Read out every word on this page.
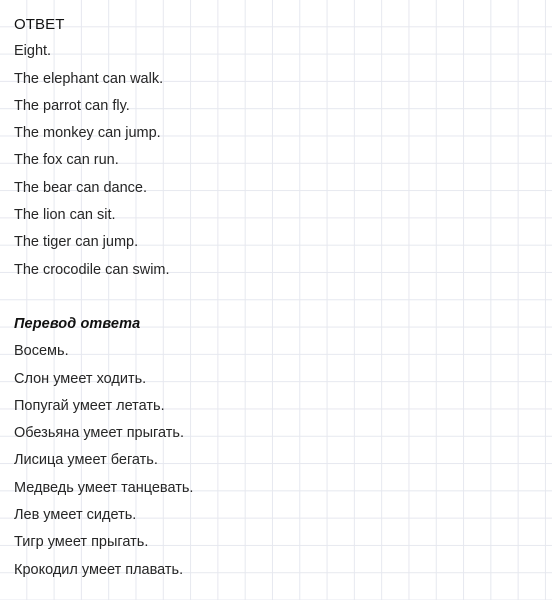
ОТВЕТ
Eight.
The elephant can walk.
The parrot can fly.
The monkey can jump.
The fox can run.
The bear can dance.
The lion can sit.
The tiger can jump.
The crocodile can swim.
Перевод ответа
Восемь.
Слон умеет ходить.
Попугай умеет летать.
Обезьяна умеет прыгать.
Лисица умеет бегать.
Медведь умеет танцевать.
Лев умеет сидеть.
Тигр умеет прыгать.
Крокодил умеет плавать.
